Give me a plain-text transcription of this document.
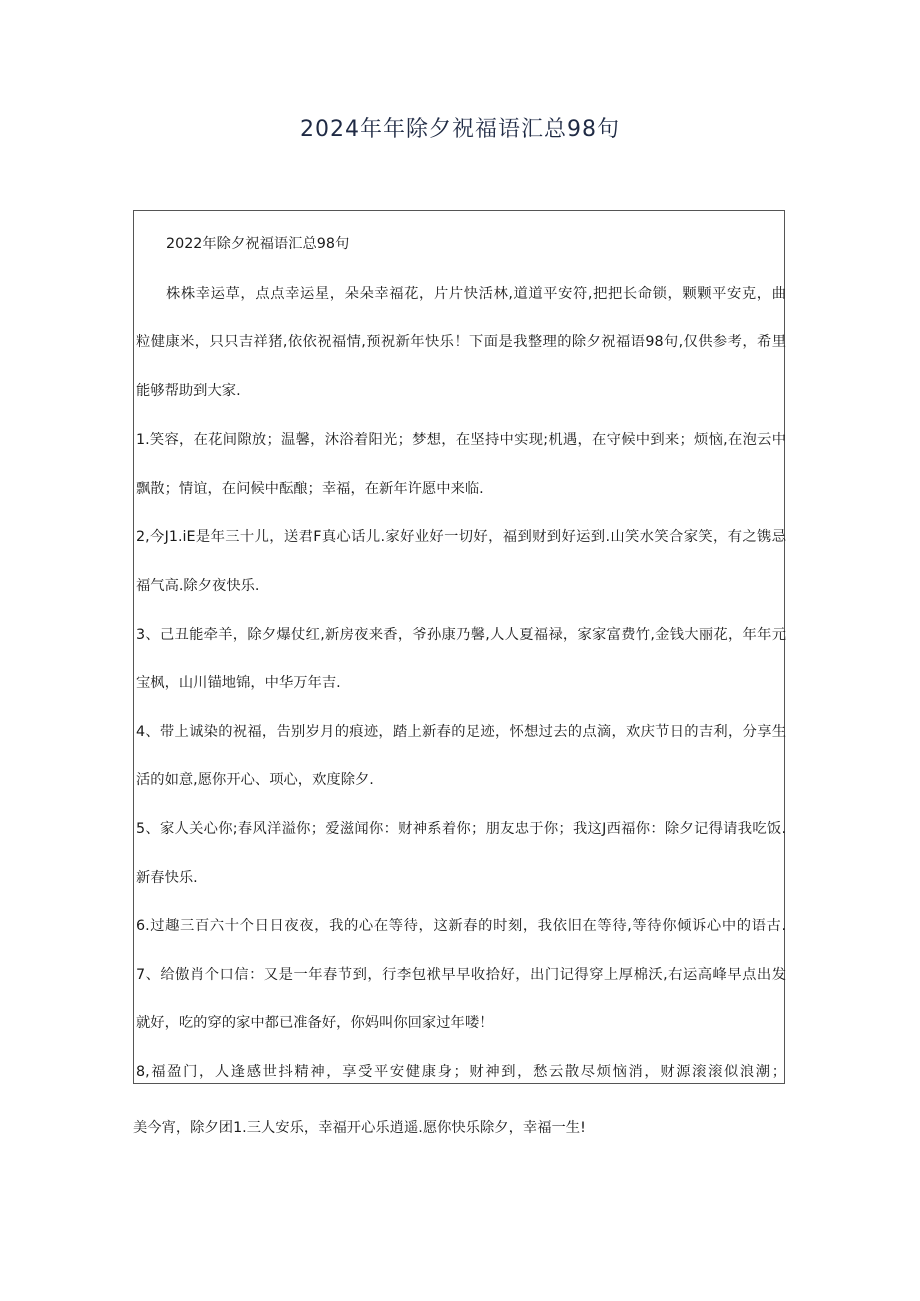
2024年年除夕祝福语汇总98句
2022年除夕祝福语汇总98句
株株幸运草，点点幸运星，朵朵幸福花，片片快活林,道道平安符,把把长命锁，颗颗平安克，曲
粒健康米，只只吉祥猪,依依祝福情,预祝新年快乐！下面是我整理的除夕祝福语98句,仅供参考，希里
能够帮助到大家.
1.笑容，在花间隙放；温馨，沐浴着阳光；梦想，在坚持中实现;机遇，在守候中到来；烦恼,在泡云中
飘散；情谊，在问候中酝酿；幸福，在新年许愿中来临.
2,今J1.iE是年三十儿，送君F真心话儿.家好业好一切好，福到财到好运到.山笑水笑合家笑，有之镌忌
福气高.除夕夜快乐.
3、己丑能牵羊，除夕爆仗红,新房夜来香，爷孙康乃馨,人人夏福禄，家家富费竹,金钱大丽花，年年元
宝枫，山川锚地锦，中华万年吉.
4、带上诚染的祝福，告别岁月的痕迹，踏上新春的足迹，怀想过去的点滴，欢庆节日的吉利，分享生
活的如意,愿你开心、项心，欢度除夕.
5、家人关心你;春风洋溢你；爱滋闻你：财神系着你；朋友忠于你；我这J西福你：除夕记得请我吃饭.
新春快乐.
6.过趣三百六十个日日夜夜，我的心在等待，这新春的时刻，我依旧在等待,等待你倾诉心中的语古.
7、给傲肖个口信：又是一年春节到，行李包袱早早收拾好，出门记得穿上厚棉沃,右运高峰早点出发
就好，吃的穿的家中都已准备好，你妈叫你回家过年喽！
8,福盈门，人逢感世抖精神，享受平安健康身；财神到，愁云散尽烦恼消，财源滚滚似浪潮；
美今宵，除夕团1.三人安乐，幸福开心乐逍遥.愿你快乐除夕，幸福一生!
